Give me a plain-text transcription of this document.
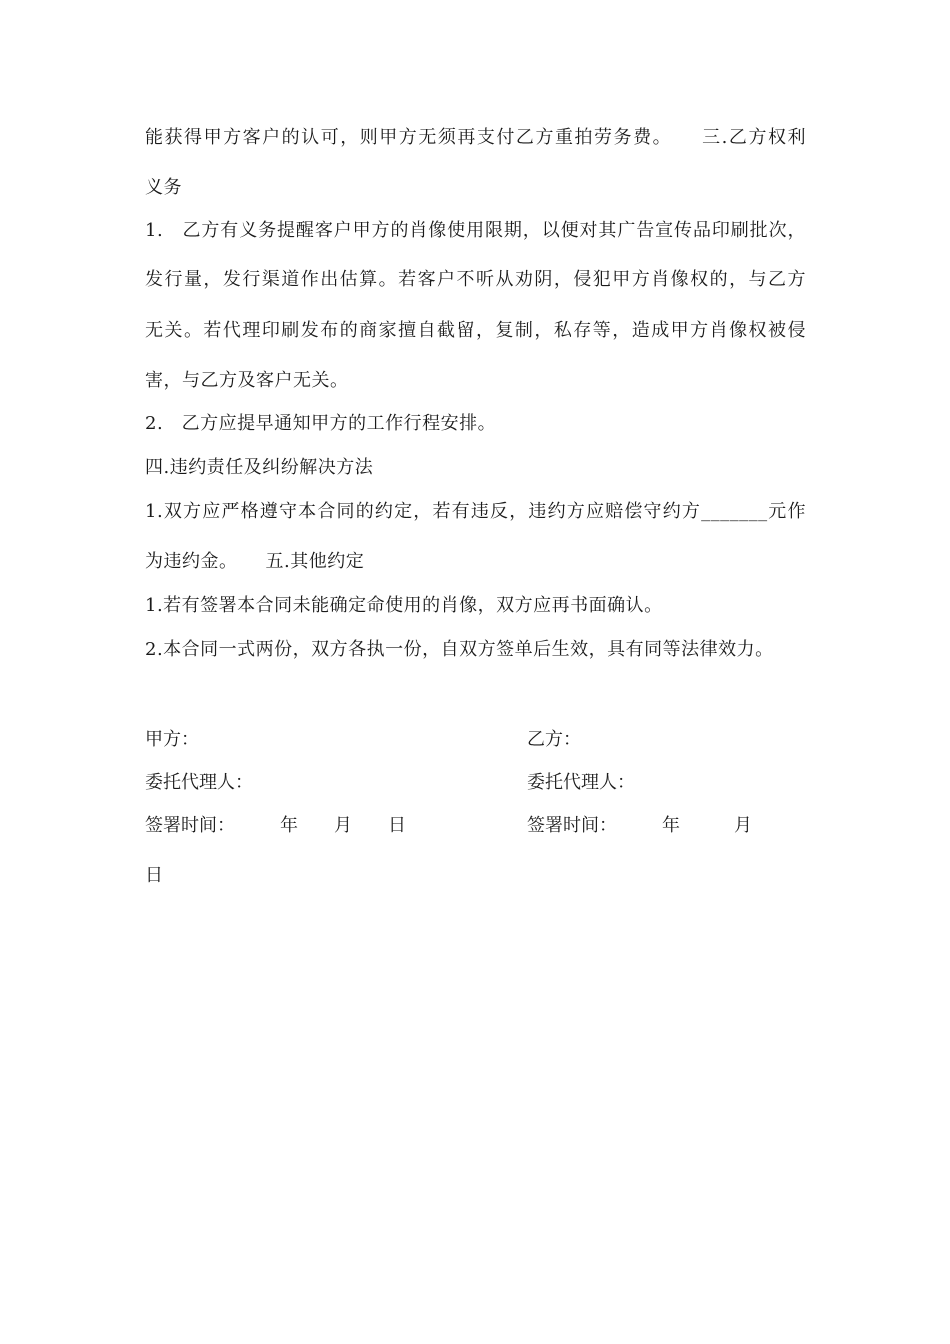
能获得甲方客户的认可，则甲方无须再支付乙方重拍劳务费。　　三.乙方权利
义务
1.　乙方有义务提醒客户甲方的肖像使用限期，以便对其广告宣传品印刷批次，
发行量，发行渠道作出估算。若客户不听从劝阴，侵犯甲方肖像权的，与乙方
无关。若代理印刷发布的商家擅自截留，复制，私存等，造成甲方肖像权被侵
害，与乙方及客户无关。
2.　乙方应提早通知甲方的工作行程安排。
四.违约责任及纠纷解决方法
1.双方应严格遵守本合同的约定，若有违反，违约方应赔偿守约方_______元作
为违约金。　　五.其他约定
1.若有签署本合同未能确定命使用的肖像，双方应再书面确认。
2.本合同一式两份，双方各执一份，自双方签单后生效，具有同等法律效力。
甲方：	乙方：
委托代理人：	委托代理人：
签署时间：　　　年　　月　　日	签署时间：　　　年　　　月
日
